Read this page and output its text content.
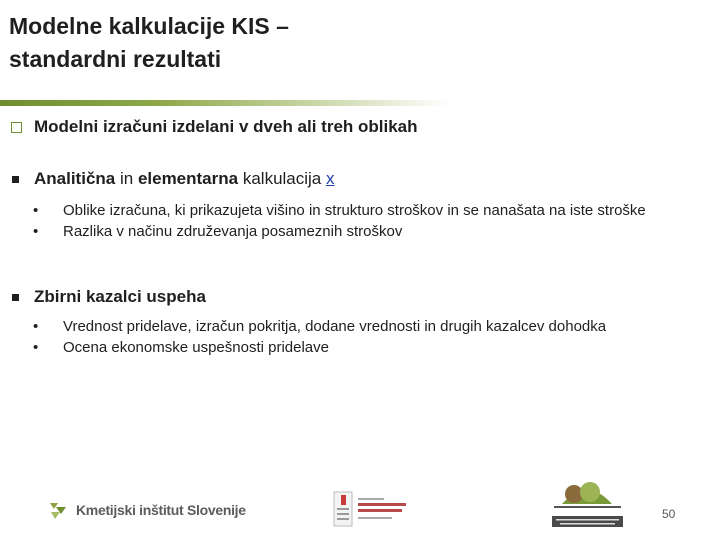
Modelne kalkulacije KIS –
standardni rezultati
Modelni izračuni izdelani v dveh ali treh oblikah
Analitična in elementarna kalkulacija x
• Oblike izračuna, ki prikazujeta višino in strukturo stroškov in se nanašata na iste stroške
• Razlika v načinu združevanja posameznih stroškov
Zbirni kazalci uspeha
• Vrednost pridelave, izračun pokritja, dodane vrednosti in drugih kazalcev dohodka
• Ocena ekonomske uspešnosti pridelave
Kmetijski inštitut Slovenije	50
